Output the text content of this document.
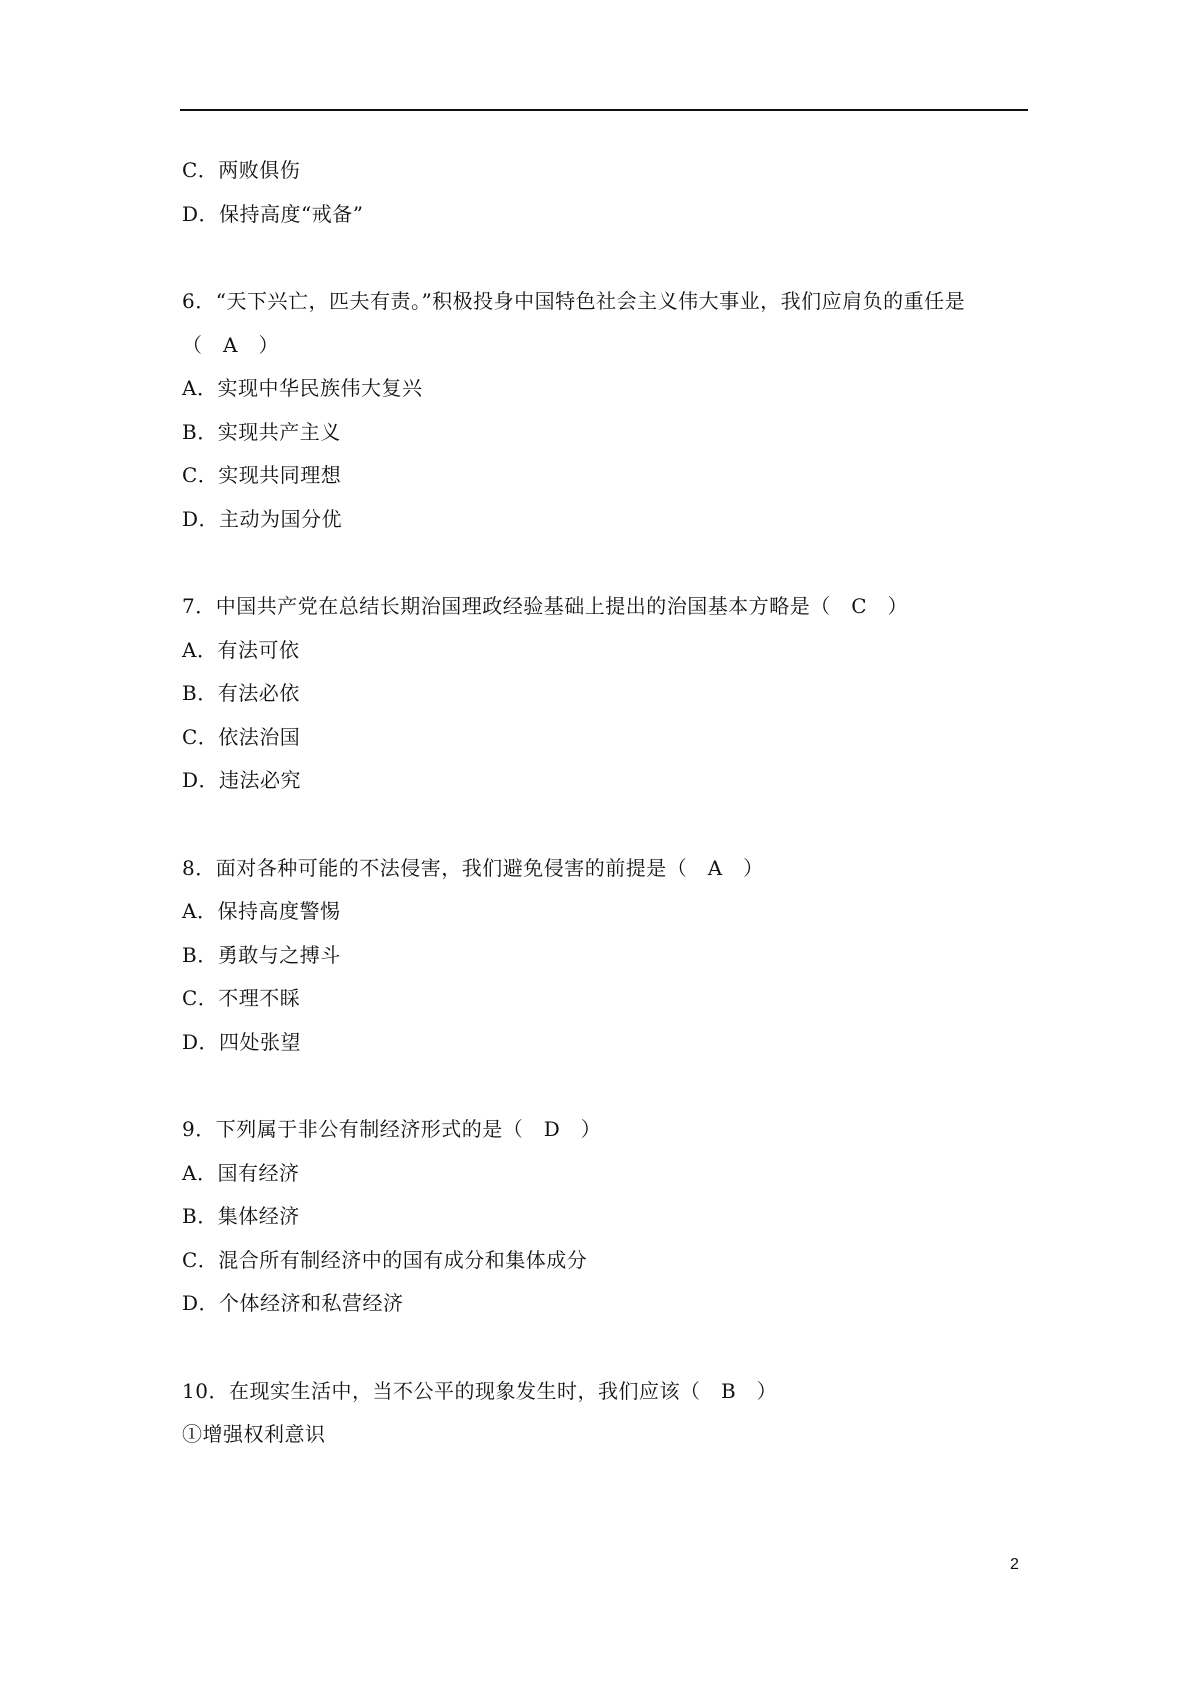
C．两败俱伤
D．保持高度“戒备”
6．“天下兴亡，匹夫有责。”积极投身中国特色社会主义伟大事业，我们应肩负的重任是
（　A　）
A．实现中华民族伟大复兴
B．实现共产主义
C．实现共同理想
D．主动为国分优
7．中国共产党在总结长期治国理政经验基础上提出的治国基本方略是（　C　）
A．有法可依
B．有法必依
C．依法治国
D．违法必究
8．面对各种可能的不法侵害，我们避免侵害的前提是（　A　）
A．保持高度警惕
B．勇敢与之搏斗
C．不理不睬
D．四处张望
9．下列属于非公有制经济形式的是（　D　）
A．国有经济
B．集体经济
C．混合所有制经济中的国有成分和集体成分
D．个体经济和私营经济
10．在现实生活中，当不公平的现象发生时，我们应该（　B　）
①增强权利意识
2
